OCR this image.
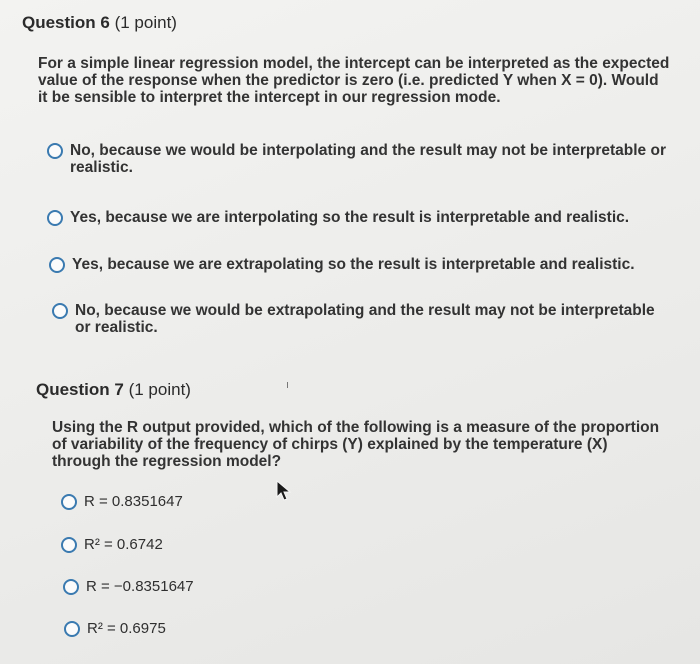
Question 6 (1 point)
For a simple linear regression model, the intercept can be interpreted as the expected value of the response when the predictor is zero (i.e. predicted Y when X = 0). Would it be sensible to interpret the intercept in our regression mode.
No, because we would be interpolating and the result may not be interpretable or realistic.
Yes, because we are interpolating so the result is interpretable and realistic.
Yes, because we are extrapolating so the result is interpretable and realistic.
No, because we would be extrapolating and the result may not be interpretable or realistic.
Question 7 (1 point)
Using the R output provided, which of the following is a measure of the proportion of variability of the frequency of chirps (Y) explained by the temperature (X) through the regression model?
R = 0.8351647
R² = 0.6742
R = −0.8351647
R² = 0.6975
